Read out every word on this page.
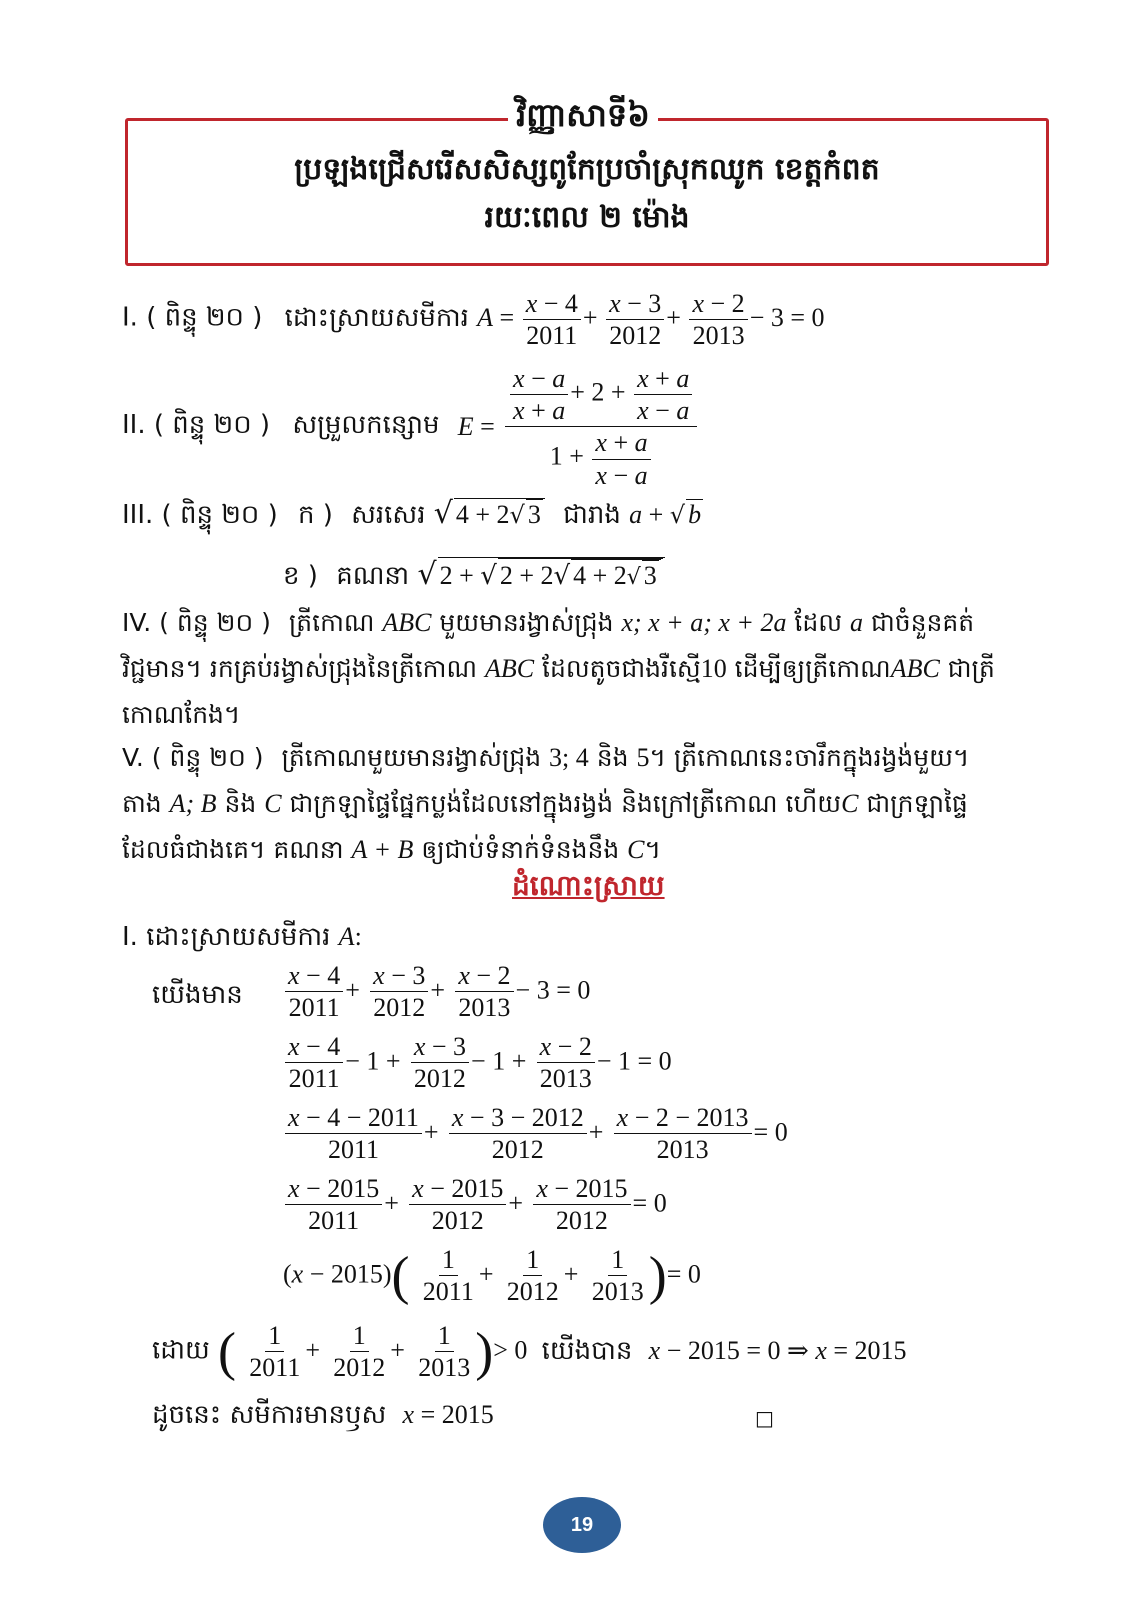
វិញ្ញាសាទី៦
ប្រឡងជ្រើសរើសសិស្សពូកែប្រចាំស្រុកឈូក ខេត្តកំពត
រយៈពេល ២ ម៉ោង
I. ( ពិន្ទុ ២០ ) ដោះស្រាយសមីការ $A = \frac{x - 4}{2011} + \frac{x - 3}{2012} + \frac{x - 2}{2013} - 3 = 0$
II. ( ពិន្ទុ ២០ ) សម្រួលកន្សោម $E = \frac{\frac{x - a}{x + a} + 2 + \frac{x + a}{x - a}}{1 + \frac{x + a}{x - a}}$
III. ( ពិន្ទុ ២០ ) ក ) សរសេរ √ 4 + 2√ 3 ជារាង a + √ b
ខ ) គណនា √ 2 + √ 2 + 2√ 4 + 2√ 3
IV. ( ពិន្ទុ ២០ ) ត្រីកោណ ABC មួយមានរង្វាស់ជ្រុង x; x + a; x + 2a ដែល a ជាចំនួនគត់
វិជ្ជមាន។ រកគ្រប់រង្វាស់ជ្រុងនៃត្រីកោណ ABC ដែលតូចជាងរឺស្មើ10 ដើម្បីឲ្យត្រីកោណABC ជាត្រី
កោណកែង។
V. ( ពិន្ទុ ២០ ) ត្រីកោណមួយមានរង្វាស់ជ្រុង 3; 4 និង 5។ ត្រីកោណនេះចារឹកក្នុងរង្វង់មួយ។
តាង A; B និង C ជាក្រឡាផ្ទៃផ្នែកប្លង់ដែលនៅក្នុងរង្វង់ និងក្រៅត្រីកោណ ហើយC ជាក្រឡាផ្ទៃ
ដែលធំជាងគេ។ គណនា A + B ឲ្យជាប់ទំនាក់ទំនងនឹង C។
ដំណោះស្រាយ
I. ដោះស្រាយសមីការ A:
យើងមាន $\frac{x - 4}{2011} + \frac{x - 3}{2012} + \frac{x - 2}{2013} - 3 = 0$
$\frac{x - 4}{2011} - 1 + \frac{x - 3}{2012} - 1 + \frac{x - 2}{2013} - 1 = 0$
$\frac{x - 4 - 2011}{2011} + \frac{x - 3 - 2012}{2012} + \frac{x - 2 - 2013}{2013} = 0$
$\frac{x - 2015}{2011} + \frac{x - 2015}{2012} + \frac{x - 2015}{2012} = 0$
$(x - 2015)( \frac{1}{2011} + \frac{1}{2012} + \frac{1}{2013}$ )= 0
ដោយ ( $\frac{1}{2011} + \frac{1}{2012} + \frac{1}{2013}$ )> 0 យើងបាន x − 2015 = 0 ⇒ x = 2015
ដូចនេះ សមីការមានឫស x = 2015	□
19
